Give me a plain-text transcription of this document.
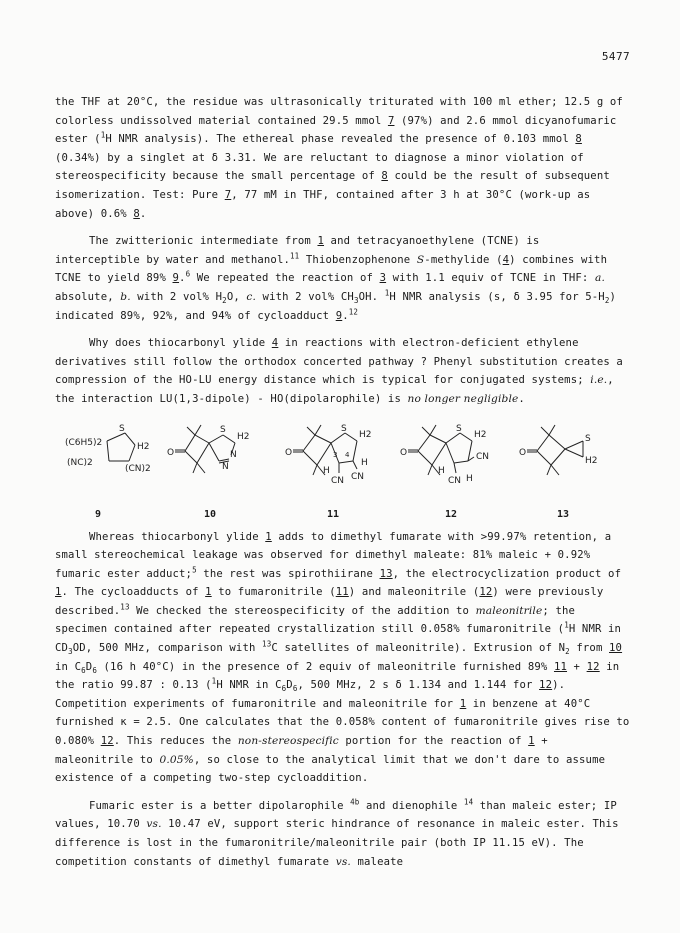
5477

the THF at 20°C, the residue was ultrasonically triturated with 100 ml ether; 12.5 g of colorless undissolved material contained 29.5 mmol 7 (97%) and 2.6 mmol dicyanofumaric ester ($^1$H NMR analysis). The ethereal phase revealed the presence of 0.103 mmol 8 (0.34%) by a singlet at δ 3.31. We are reluctant to diagnose a minor violation of stereospecificity because the small percentage of 8 could be the result of subsequent isomerization. Test: Pure 7, 77 mM in THF, contained after 3 h at 30°C (work-up as above) 0.6% 8.

The zwitterionic intermediate from 1 and tetracyanoethylene (TCNE) is interceptible by water and methanol.$^{11}$ Thiobenzophenone S-methylide (4) combines with TCNE to yield 89% 9.$^6$ We repeated the reaction of 3 with 1.1 equiv of TCNE in THF: a. absolute, b. with 2 vol% $H_2O$, c. with 2 vol% $CH_3OH$. $^1$H NMR analysis (s, δ 3.95 for $5-H_2$) indicated 89%, 92%, and 94% of cycloadduct 9.12

Why does thiocarbonyl ylide 4 in reactions with electron-deficient ethylene derivatives still follow the orthodox concerted pathway ? Phenyl substitution creates a compression of the HO-LU energy distance which is typical for conjugated systems; i.e., the interaction LU(1,3-dipole) - HO(dipolarophile) is no longer negligible.

S
H2
(C6H5)2
(NC)2
(CN)2
O
S
H2
N
N
O
S
H2
3 4
H
H
CN CN
O
S
H2
CN
H
CN H
O
S
H2
9	10	11	12	13

Whereas thiocarbonyl ylide 1 adds to dimethyl fumarate with >99.97% retention, a small stereochemical leakage was observed for dimethyl maleate: 81% maleic + 0.92% fumaric ester adduct;$^5$ the rest was spirothiirane 13, the electrocyclization product of 1. The cycloadducts of 1 to fumaronitrile (11) and maleonitrile (12) were previously described.$^{13}$ We checked the stereospecificity of the addition to maleonitrile; the specimen contained after repeated crystallization still 0.058% fumaronitrile ($^1$H NMR in $CD_3OD$, 500 MHz, comparison with $^{13}$C satellites of maleonitrile). Extrusion of $N_2$ from 10 in $C_6D_6$ (16 h 40°C) in the presence of 2 equiv of maleonitrile furnished 89% 11 + 12 in the ratio 99.87 : 0.13 ($^1$H NMR in $C_6D_6$, 500 MHz, 2 s δ 1.134 and 1.144 for 12). Competition experiments of fumaronitrile and maleonitrile for 1 in benzene at 40°C furnished κ = 2.5. One calculates that the 0.058% content of fumaronitrile gives rise to 0.080% 12. This reduces the non-stereospecific portion for the reaction of 1 + maleonitrile to 0.05%, so close to the analytical limit that we don't dare to assume existence of a competing two-step cycloaddition.

Fumaric ester is a better dipolarophile $^{4b}$ and dienophile $^{14}$ than maleic ester; IP values, 10.70 vs. 10.47 eV, support steric hindrance of resonance in maleic ester. This difference is lost in the fumaronitrile/maleonitrile pair (both IP 11.15 eV). The competition constants of dimethyl fumarate vs. maleate
